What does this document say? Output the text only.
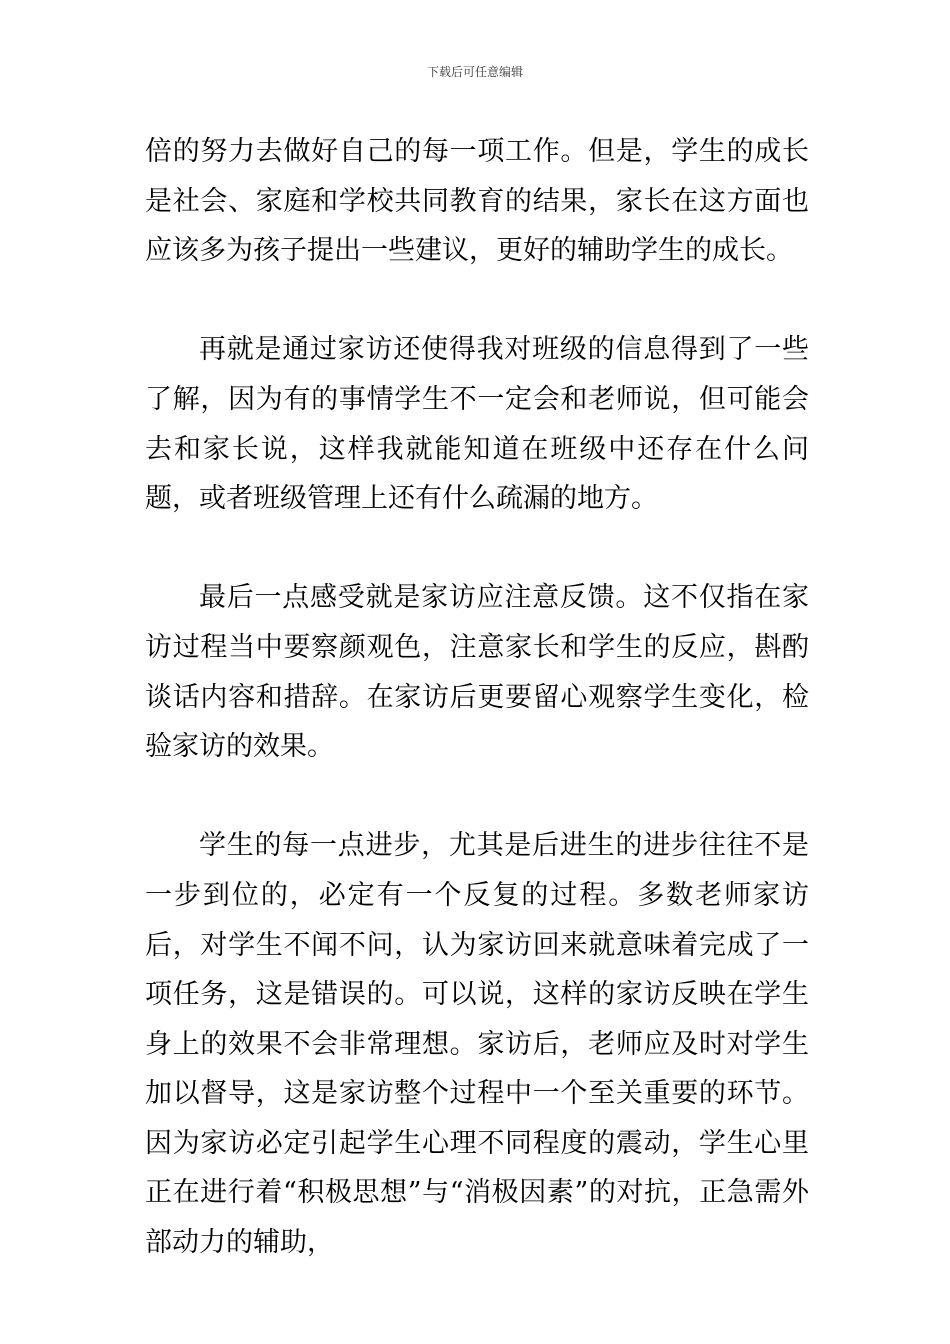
下载后可任意编辑

倍的努力去做好自己的每一项工作。但是，学生的成长是社会、家庭和学校共同教育的结果，家长在这方面也应该多为孩子提出一些建议，更好的辅助学生的成长。

再就是通过家访还使得我对班级的信息得到了一些了解，因为有的事情学生不一定会和老师说，但可能会去和家长说，这样我就能知道在班级中还存在什么问题，或者班级管理上还有什么疏漏的地方。

最后一点感受就是家访应注意反馈。这不仅指在家访过程当中要察颜观色，注意家长和学生的反应，斟酌谈话内容和措辞。在家访后更要留心观察学生变化，检验家访的效果。

学生的每一点进步，尤其是后进生的进步往往不是一步到位的，必定有一个反复的过程。多数老师家访后，对学生不闻不问，认为家访回来就意味着完成了一项任务，这是错误的。可以说，这样的家访反映在学生身上的效果不会非常理想。家访后，老师应及时对学生加以督导，这是家访整个过程中一个至关重要的环节。因为家访必定引起学生心理不同程度的震动，学生心里正在进行着“积极思想”与“消极因素”的对抗，正急需外部动力的辅助，
